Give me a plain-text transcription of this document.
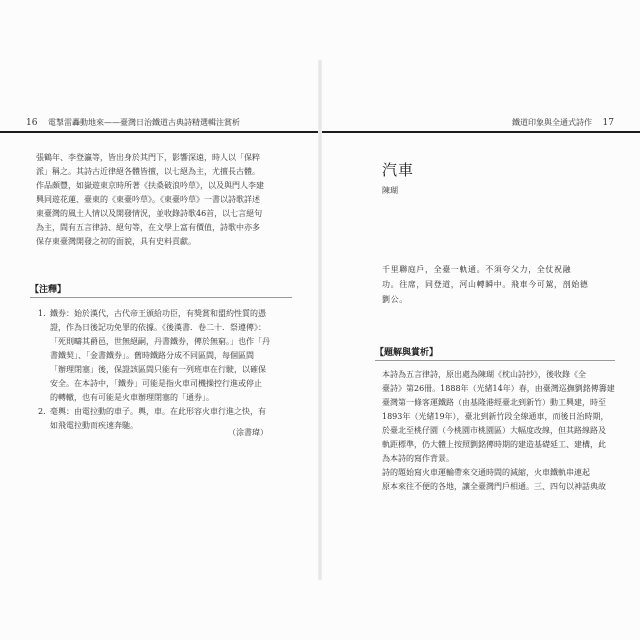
16 電掣雷轟動地來——臺灣日治鐵道古典詩精選輯注賞析
張鶴年、李登瀛等，皆出身於其門下，影響深遠，時人以「保粹
派」稱之。其詩古近律絕各體皆擅，以七絕為主，尤擅長古體。
作品頗豐，如嶽遊東京時所著《扶桑破浪吟草》，以及與門人李建
興同遊花蓮、臺東的《東臺吟草》。《東臺吟草》一書以詩歌詳述
東臺灣的風土人情以及開發情況，並收錄詩歌46首，以七言絕句
為主，間有五言律詩、絕句等，在文學上富有價值，詩歌中亦多
保存東臺灣開發之初的面貌，具有史料貢獻。
【注釋】
1. 鐵券：始於漢代，古代帝王頒給功臣，有獎賞和盟約性質的憑
證，作為日後記功免罪的依據。《後漢書．卷二十．祭遵傳》：
「死則疇其爵邑，世無絕嗣，丹書鐵券，傳於無窮。」也作「丹
書鐵契」、「金書鐵券」。舊時鐵路分成不同區間，每個區間
「辦理閉塞」後，保證該區間只能有一列班車在行駛，以確保
安全。在本詩中，「鐵券」可能是指火車司機操控行進或停止
的轉轍，也有可能是火車辦理閉塞的「通券」。
2. 毫輿：由電拉動的車子。輿，車。在此形容火車行進之快，有
如飛電拉動而疾速奔馳。
（涂書瑋）
鐵道印象與全通式詩作 17
汽車
陳瑚
千里聯庭戶，全臺一軌通。不須夸父力，全仗祝融
功。往席，同登道，河山轉瞬中。飛車今可駕，剖始德
劉公。
【題解與賞析】
本詩為五言律詩，原出處為陳瑚《枕山詩抄》，後收錄《全
臺詩》第26冊。1888年（光緒14年）春，由臺灣巡撫劉銘傳籌建
臺灣第一條客運鐵路（由基隆港經臺北到新竹）動工興建，時至
1893年（光緒19年），臺北到新竹段全線通車，而後日治時期，
於臺北至桃仔園（今桃園市桃園區）大幅度改線，但其路線路及
軌距標準，仍大體上按照劉銘傳時期的建造基礎延工、建構，此
為本詩的寫作背景。
詩的題始寫火車運輸帶來交通時間的減縮，火車鐵軌串連起
原本來往不便的各地，讓全臺灣門戶相通。三、四句以神話典故
